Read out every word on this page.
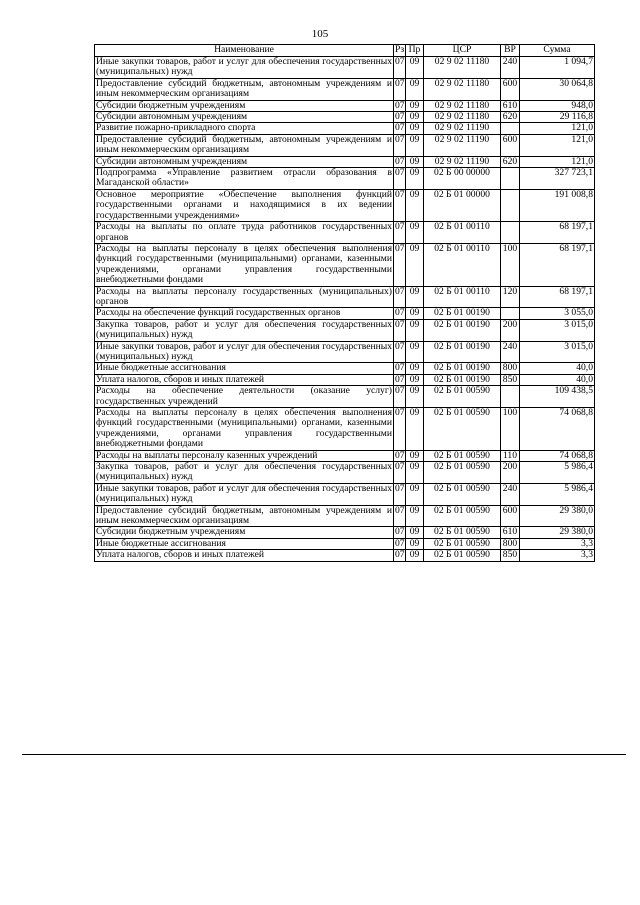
105
Наименование	Рз	Пр	ЦСР	ВР	Сумма
Иные закупки товаров, работ и услуг для обеспечения государственных (муниципальных) нужд	07	09	02 9 02 11180	240	1 094,7
Предоставление субсидий бюджетным, автономным учреждениям и иным некоммерческим организациям	07	09	02 9 02 11180	600	30 064,8
Субсидии бюджетным учреждениям	07	09	02 9 02 11180	610	948,0
Субсидии автономным учреждениям	07	09	02 9 02 11180	620	29 116,8
Развитие пожарно-прикладного спорта	07	09	02 9 02 11190		121,0
Предоставление субсидий бюджетным, автономным учреждениям и иным некоммерческим организациям	07	09	02 9 02 11190	600	121,0
Субсидии автономным учреждениям	07	09	02 9 02 11190	620	121,0
Подпрограмма «Управление развитием отрасли образования в Магаданской области»	07	09	02 Б 00 00000		327 723,1
Основное мероприятие «Обеспечение выполнения функций государственными органами и находящимися в их ведении государственными учреждениями»	07	09	02 Б 01 00000		191 008,8
Расходы на выплаты по оплате труда работников государственных органов	07	09	02 Б 01 00110		68 197,1
Расходы на выплаты персоналу в целях обеспечения выполнения функций государственными (муниципальными) органами, казенными учреждениями, органами управления государственными внебюджетными фондами	07	09	02 Б 01 00110	100	68 197,1
Расходы на выплаты персоналу государственных (муниципальных) органов	07	09	02 Б 01 00110	120	68 197,1
Расходы на обеспечение функций государственных органов	07	09	02 Б 01 00190		3 055,0
Закупка товаров, работ и услуг для обеспечения государственных (муниципальных) нужд	07	09	02 Б 01 00190	200	3 015,0
Иные закупки товаров, работ и услуг для обеспечения государственных (муниципальных) нужд	07	09	02 Б 01 00190	240	3 015,0
Иные бюджетные ассигнования	07	09	02 Б 01 00190	800	40,0
Уплата налогов, сборов и иных платежей	07	09	02 Б 01 00190	850	40,0
Расходы на обеспечение деятельности (оказание услуг) государственных учреждений	07	09	02 Б 01 00590		109 438,5
Расходы на выплаты персоналу в целях обеспечения выполнения функций государственными (муниципальными) органами, казенными учреждениями, органами управления государственными внебюджетными фондами	07	09	02 Б 01 00590	100	74 068,8
Расходы на выплаты персоналу казенных учреждений	07	09	02 Б 01 00590	110	74 068,8
Закупка товаров, работ и услуг для обеспечения государственных (муниципальных) нужд	07	09	02 Б 01 00590	200	5 986,4
Иные закупки товаров, работ и услуг для обеспечения государственных (муниципальных) нужд	07	09	02 Б 01 00590	240	5 986,4
Предоставление субсидий бюджетным, автономным учреждениям и иным некоммерческим организациям	07	09	02 Б 01 00590	600	29 380,0
Субсидии бюджетным учреждениям	07	09	02 Б 01 00590	610	29 380,0
Иные бюджетные ассигнования	07	09	02 Б 01 00590	800	3,3
Уплата налогов, сборов и иных платежей	07	09	02 Б 01 00590	850	3,3
